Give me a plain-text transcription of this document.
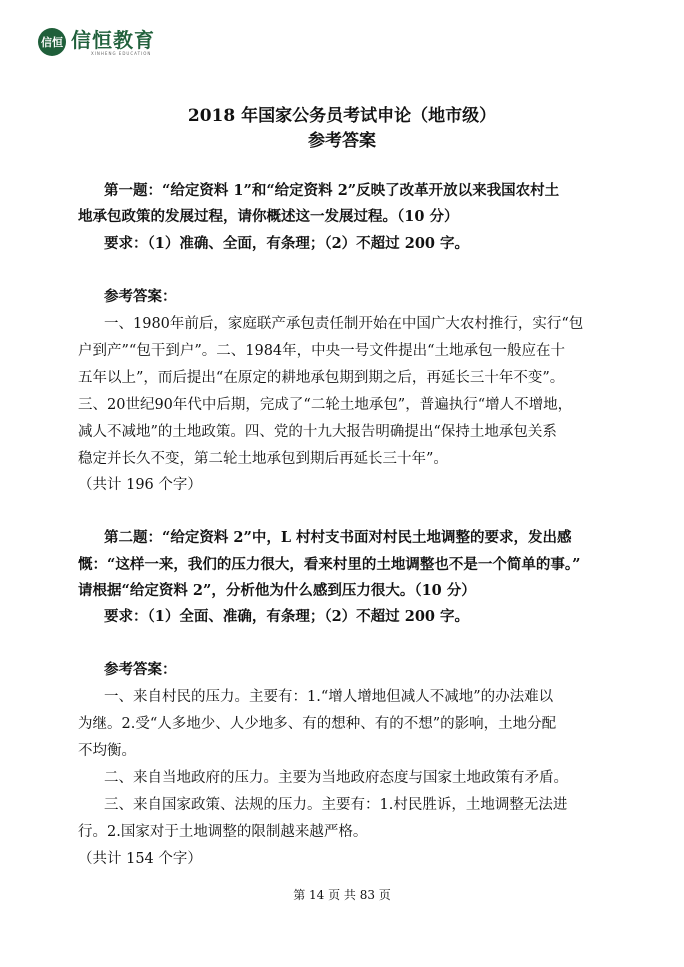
信恒 信恒教育
XINHENG EDUCATION
2018 年国家公务员考试申论（地市级）
参考答案
第一题：“给定资料 1”和“给定资料 2”反映了改革开放以来我国农村土
地承包政策的发展过程，请你概述这一发展过程。（10 分）
要求：（1）准确、全面，有条理；（2）不超过 200 字。
参考答案：
一、1980年前后，家庭联产承包责任制开始在中国广大农村推行，实行“包
户到产”“包干到户”。二、1984年，中央一号文件提出“土地承包一般应在十
五年以上”，而后提出“在原定的耕地承包期到期之后，再延长三十年不变”。
三、20世纪90年代中后期，完成了“二轮土地承包”，普遍执行“增人不增地，
减人不减地”的土地政策。四、党的十九大报告明确提出“保持土地承包关系
稳定并长久不变，第二轮土地承包到期后再延长三十年”。
（共计 196 个字）
第二题：“给定资料 2”中，L 村村支书面对村民土地调整的要求，发出感
慨：“这样一来，我们的压力很大，看来村里的土地调整也不是一个简单的事。”
请根据“给定资料 2”，分析他为什么感到压力很大。（10 分）
要求：（1）全面、准确，有条理；（2）不超过 200 字。
参考答案：
一、来自村民的压力。主要有：1.“增人增地但减人不减地”的办法难以
为继。2.受“人多地少、人少地多、有的想种、有的不想”的影响，土地分配
不均衡。
二、来自当地政府的压力。主要为当地政府态度与国家土地政策有矛盾。
三、来自国家政策、法规的压力。主要有：1.村民胜诉，土地调整无法进
行。2.国家对于土地调整的限制越来越严格。
（共计 154 个字）
第 14 页 共 83 页
